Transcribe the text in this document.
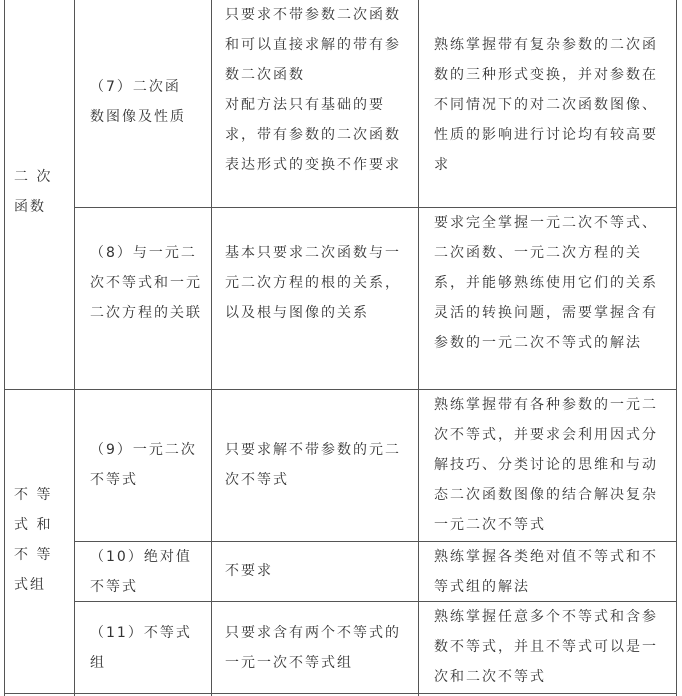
二 次
函数
不 等
式 和
不 等
式组
（7）二次函
数图像及性质
只要求不带参数二次函数和可以直接求解的带有参数二次函数
对配方法只有基础的要求，带有参数的二次函数表达形式的变换不作要求
熟练掌握带有复杂参数的二次函数的三种形式变换，并对参数在不同情况下的对二次函数图像、性质的影响进行讨论均有较高要求
（8）与一元二次不等式和一元二次方程的关联
基本只要求二次函数与一元二次方程的根的关系，以及根与图像的关系
要求完全掌握一元二次不等式、二次函数、一元二次方程的关系，并能够熟练使用它们的关系灵活的转换问题，需要掌握含有参数的一元二次不等式的解法
（9）一元二次不等式
只要求解不带参数的元二次不等式
熟练掌握带有各种参数的一元二次不等式，并要求会利用因式分解技巧、分类讨论的思维和与动态二次函数图像的结合解决复杂一元二次不等式
（10）绝对值不等式
不要求
熟练掌握各类绝对值不等式和不等式组的解法
（11）不等式组
只要求含有两个不等式的一元一次不等式组
熟练掌握任意多个不等式和含参数不等式，并且不等式可以是一次和二次不等式
